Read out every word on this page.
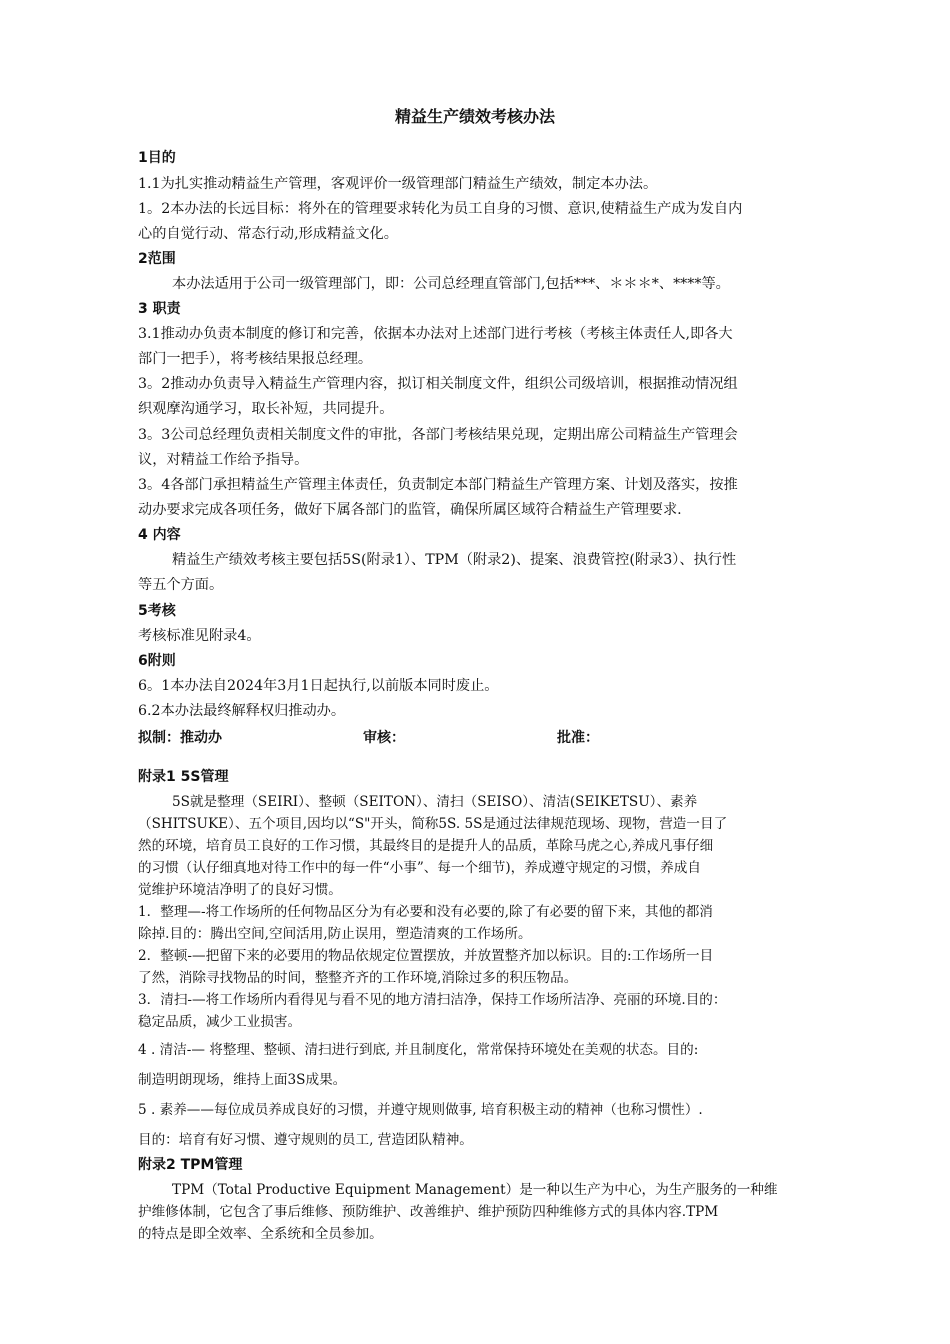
精益生产绩效考核办法
1目的
1.1为扎实推动精益生产管理，客观评价一级管理部门精益生产绩效，制定本办法。
1。2本办法的长远目标：将外在的管理要求转化为员工自身的习惯、意识,使精益生产成为发自内
心的自觉行动、常态行动,形成精益文化。
2范围
本办法适用于公司一级管理部门，即：公司总经理直管部门,包括***、＊＊＊*、****等。
3 职责
3.1推动办负责本制度的修订和完善，依据本办法对上述部门进行考核（考核主体责任人,即各大
部门一把手），将考核结果报总经理。
3。2推动办负责导入精益生产管理内容，拟订相关制度文件，组织公司级培训，根据推动情况组
织观摩沟通学习，取长补短，共同提升。
3。3公司总经理负责相关制度文件的审批，各部门考核结果兑现，定期出席公司精益生产管理会
议，对精益工作给予指导。
3。4各部门承担精益生产管理主体责任，负责制定本部门精益生产管理方案、计划及落实，按推
动办要求完成各项任务，做好下属各部门的监管，确保所属区域符合精益生产管理要求.
4 内容
精益生产绩效考核主要包括5S(附录1）、TPM（附录2)、提案、浪费管控(附录3）、执行性
等五个方面。
5考核
考核标准见附录4。
6附则
6。1本办法自2024年3月1日起执行,以前版本同时废止。
6.2本办法最终解释权归推动办。
拟制：推动办	审核：	批准：
附录1 5S管理
5S就是整理（SEIRI）、整顿（SEITON）、清扫（SEISO）、清洁(SEIKETSU）、素养
（SHITSUKE）、五个项目,因均以“S"开头，简称5S. 5S是通过法律规范现场、现物，营造一目了
然的环境，培育员工良好的工作习惯，其最终目的是提升人的品质，革除马虎之心,养成凡事仔细
的习惯（认仔细真地对待工作中的每一件“小事”、每一个细节)，养成遵守规定的习惯，养成自
觉维护环境洁净明了的良好习惯。
1．整理—-将工作场所的任何物品区分为有必要和没有必要的,除了有必要的留下来，其他的都消
除掉.目的：腾出空间,空间活用,防止误用，塑造清爽的工作场所。
2．整顿-—把留下来的必要用的物品依规定位置摆放，并放置整齐加以标识。目的:工作场所一目
了然，消除寻找物品的时间，整整齐齐的工作环境,消除过多的积压物品。
3．清扫-—将工作场所内看得见与看不见的地方清扫洁净，保持工作场所洁净、亮丽的环境.目的：
稳定品质，减少工业损害。
4 . 清洁-— 将整理、整顿、清扫进行到底, 并且制度化，常常保持环境处在美观的状态。目的:
制造明朗现场，维持上面3S成果。
5 . 素养——每位成员养成良好的习惯，并遵守规则做事, 培育积极主动的精神（也称习惯性）.
目的：培育有好习惯、遵守规则的员工, 营造团队精神。
附录2 TPM管理
TPM（Total Productive Equipment Management）是一种以生产为中心，为生产服务的一种维
护维修体制，它包含了事后维修、预防维护、改善维护、维护预防四种维修方式的具体内容.TPM
的特点是即全效率、全系统和全员参加。
